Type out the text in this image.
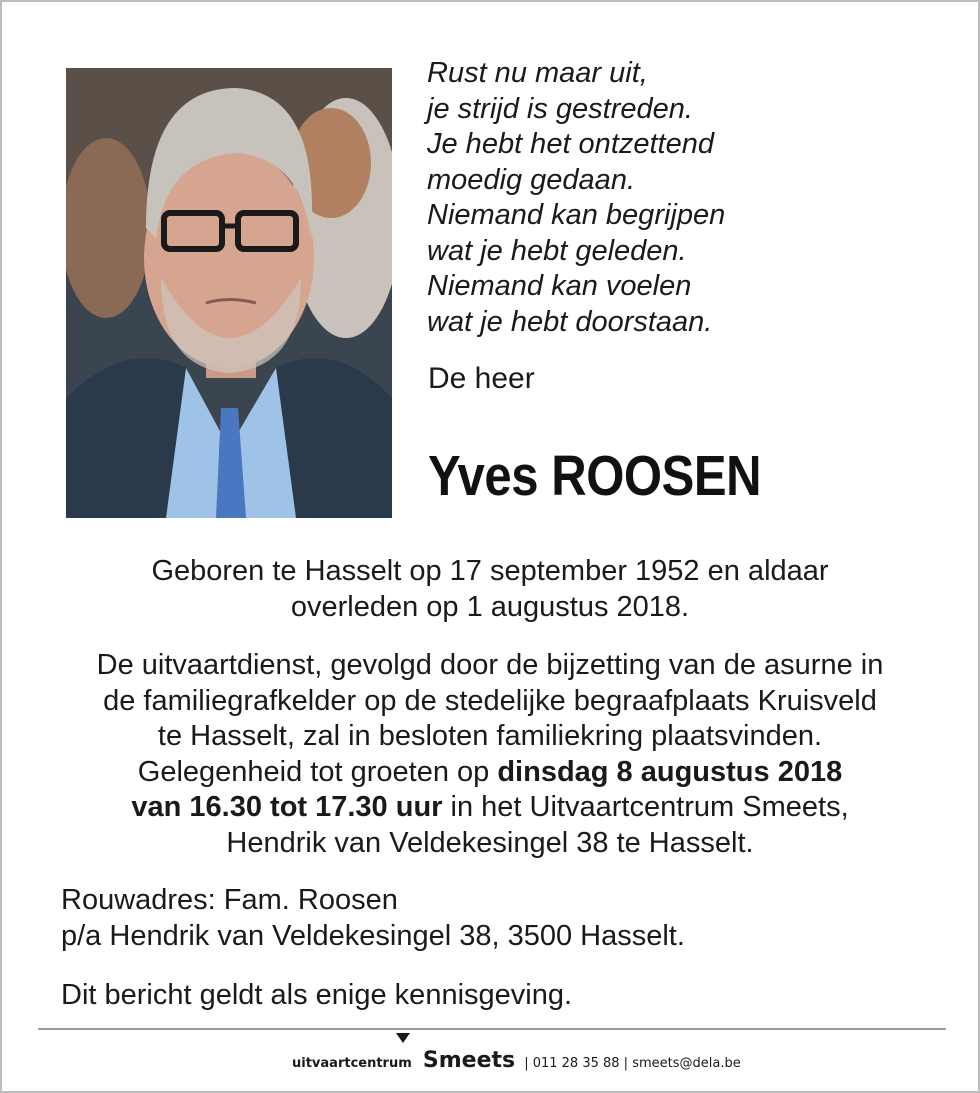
Rust nu maar uit,
je strijd is gestreden.
Je hebt het ontzettend
moedig gedaan.
Niemand kan begrijpen
wat je hebt geleden.
Niemand kan voelen
wat je hebt doorstaan.
De heer
Yves ROOSEN
Geboren te Hasselt op 17 september 1952 en aldaar
overleden op 1 augustus 2018.
De uitvaartdienst, gevolgd door de bijzetting van de asurne in
de familiegrafkelder op de stedelijke begraafplaats Kruisveld
te Hasselt, zal in besloten familiekring plaatsvinden.
Gelegenheid tot groeten op dinsdag 8 augustus 2018
van 16.30 tot 17.30 uur in het Uitvaartcentrum Smeets,
Hendrik van Veldekesingel 38 te Hasselt.
Rouwadres: Fam. Roosen
p/a Hendrik van Veldekesingel 38, 3500 Hasselt.
Dit bericht geldt als enige kennisgeving.
uitvaartcentrum Smeets | 011 28 35 88 | smeets@dela.be
